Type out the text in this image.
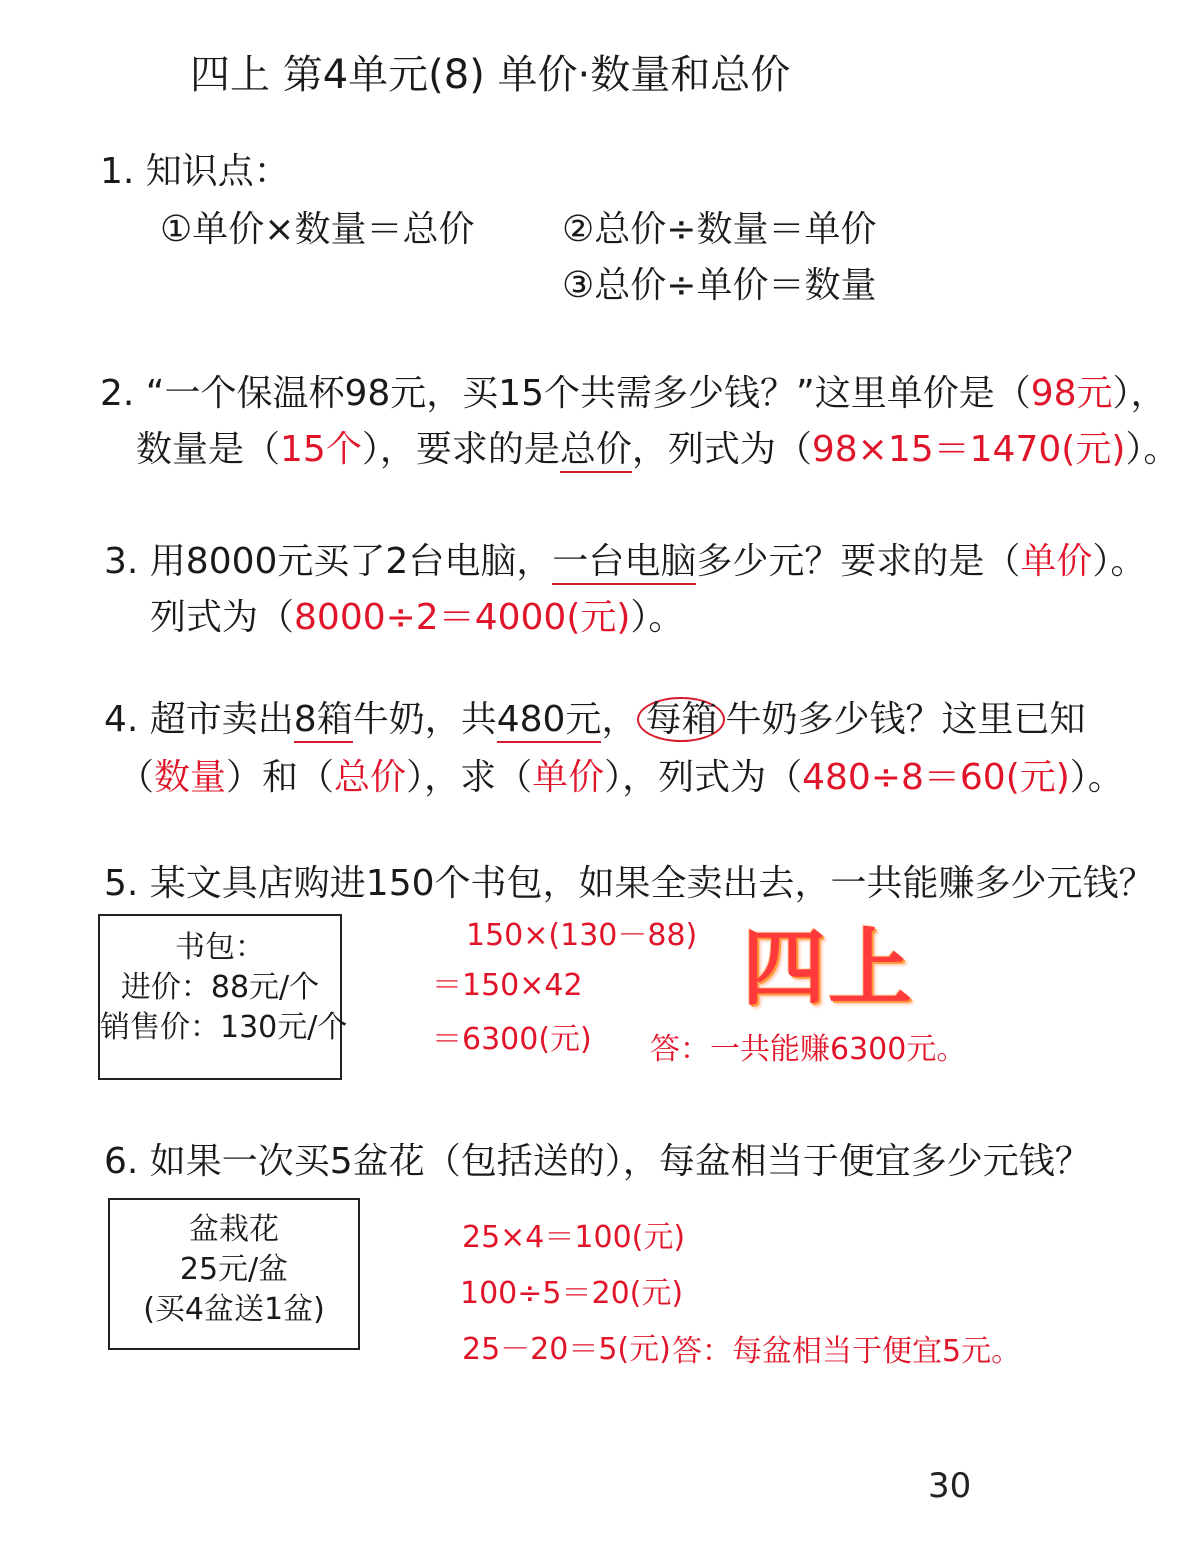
四上 第4单元(8) 单价·数量和总价
1. 知识点：
①单价×数量＝总价 ②总价÷数量＝单价
③总价÷单价＝数量
2. “一个保温杯98元，买15个共需多少钱？”这里单价是（98元），
数量是（15个），要求的是总价，列式为（98×15＝1470(元)）。
3. 用8000元买了2台电脑，一台电脑多少元？要求的是（单价）。
列式为（8000÷2＝4000(元)）。
4. 超市卖出8箱牛奶，共480元， 每箱 牛奶多少钱？这里已知
（数量）和（总价），求（单价），列式为（480÷8＝60(元)）。
5. 某文具店购进150个书包，如果全卖出去，一共能赚多少元钱？
书包：
进价：88元/个
销售价：130元/个
150×(130－88)
＝150×42
＝6300(元) 答：一共能赚6300元。
四上
6. 如果一次买5盆花（包括送的），每盆相当于便宜多少元钱？
盆栽花
25元/盆
(买4盆送1盆)
25×4＝100(元)
100÷5＝20(元)
25－20＝5(元) 答：每盆相当于便宜5元。
30
